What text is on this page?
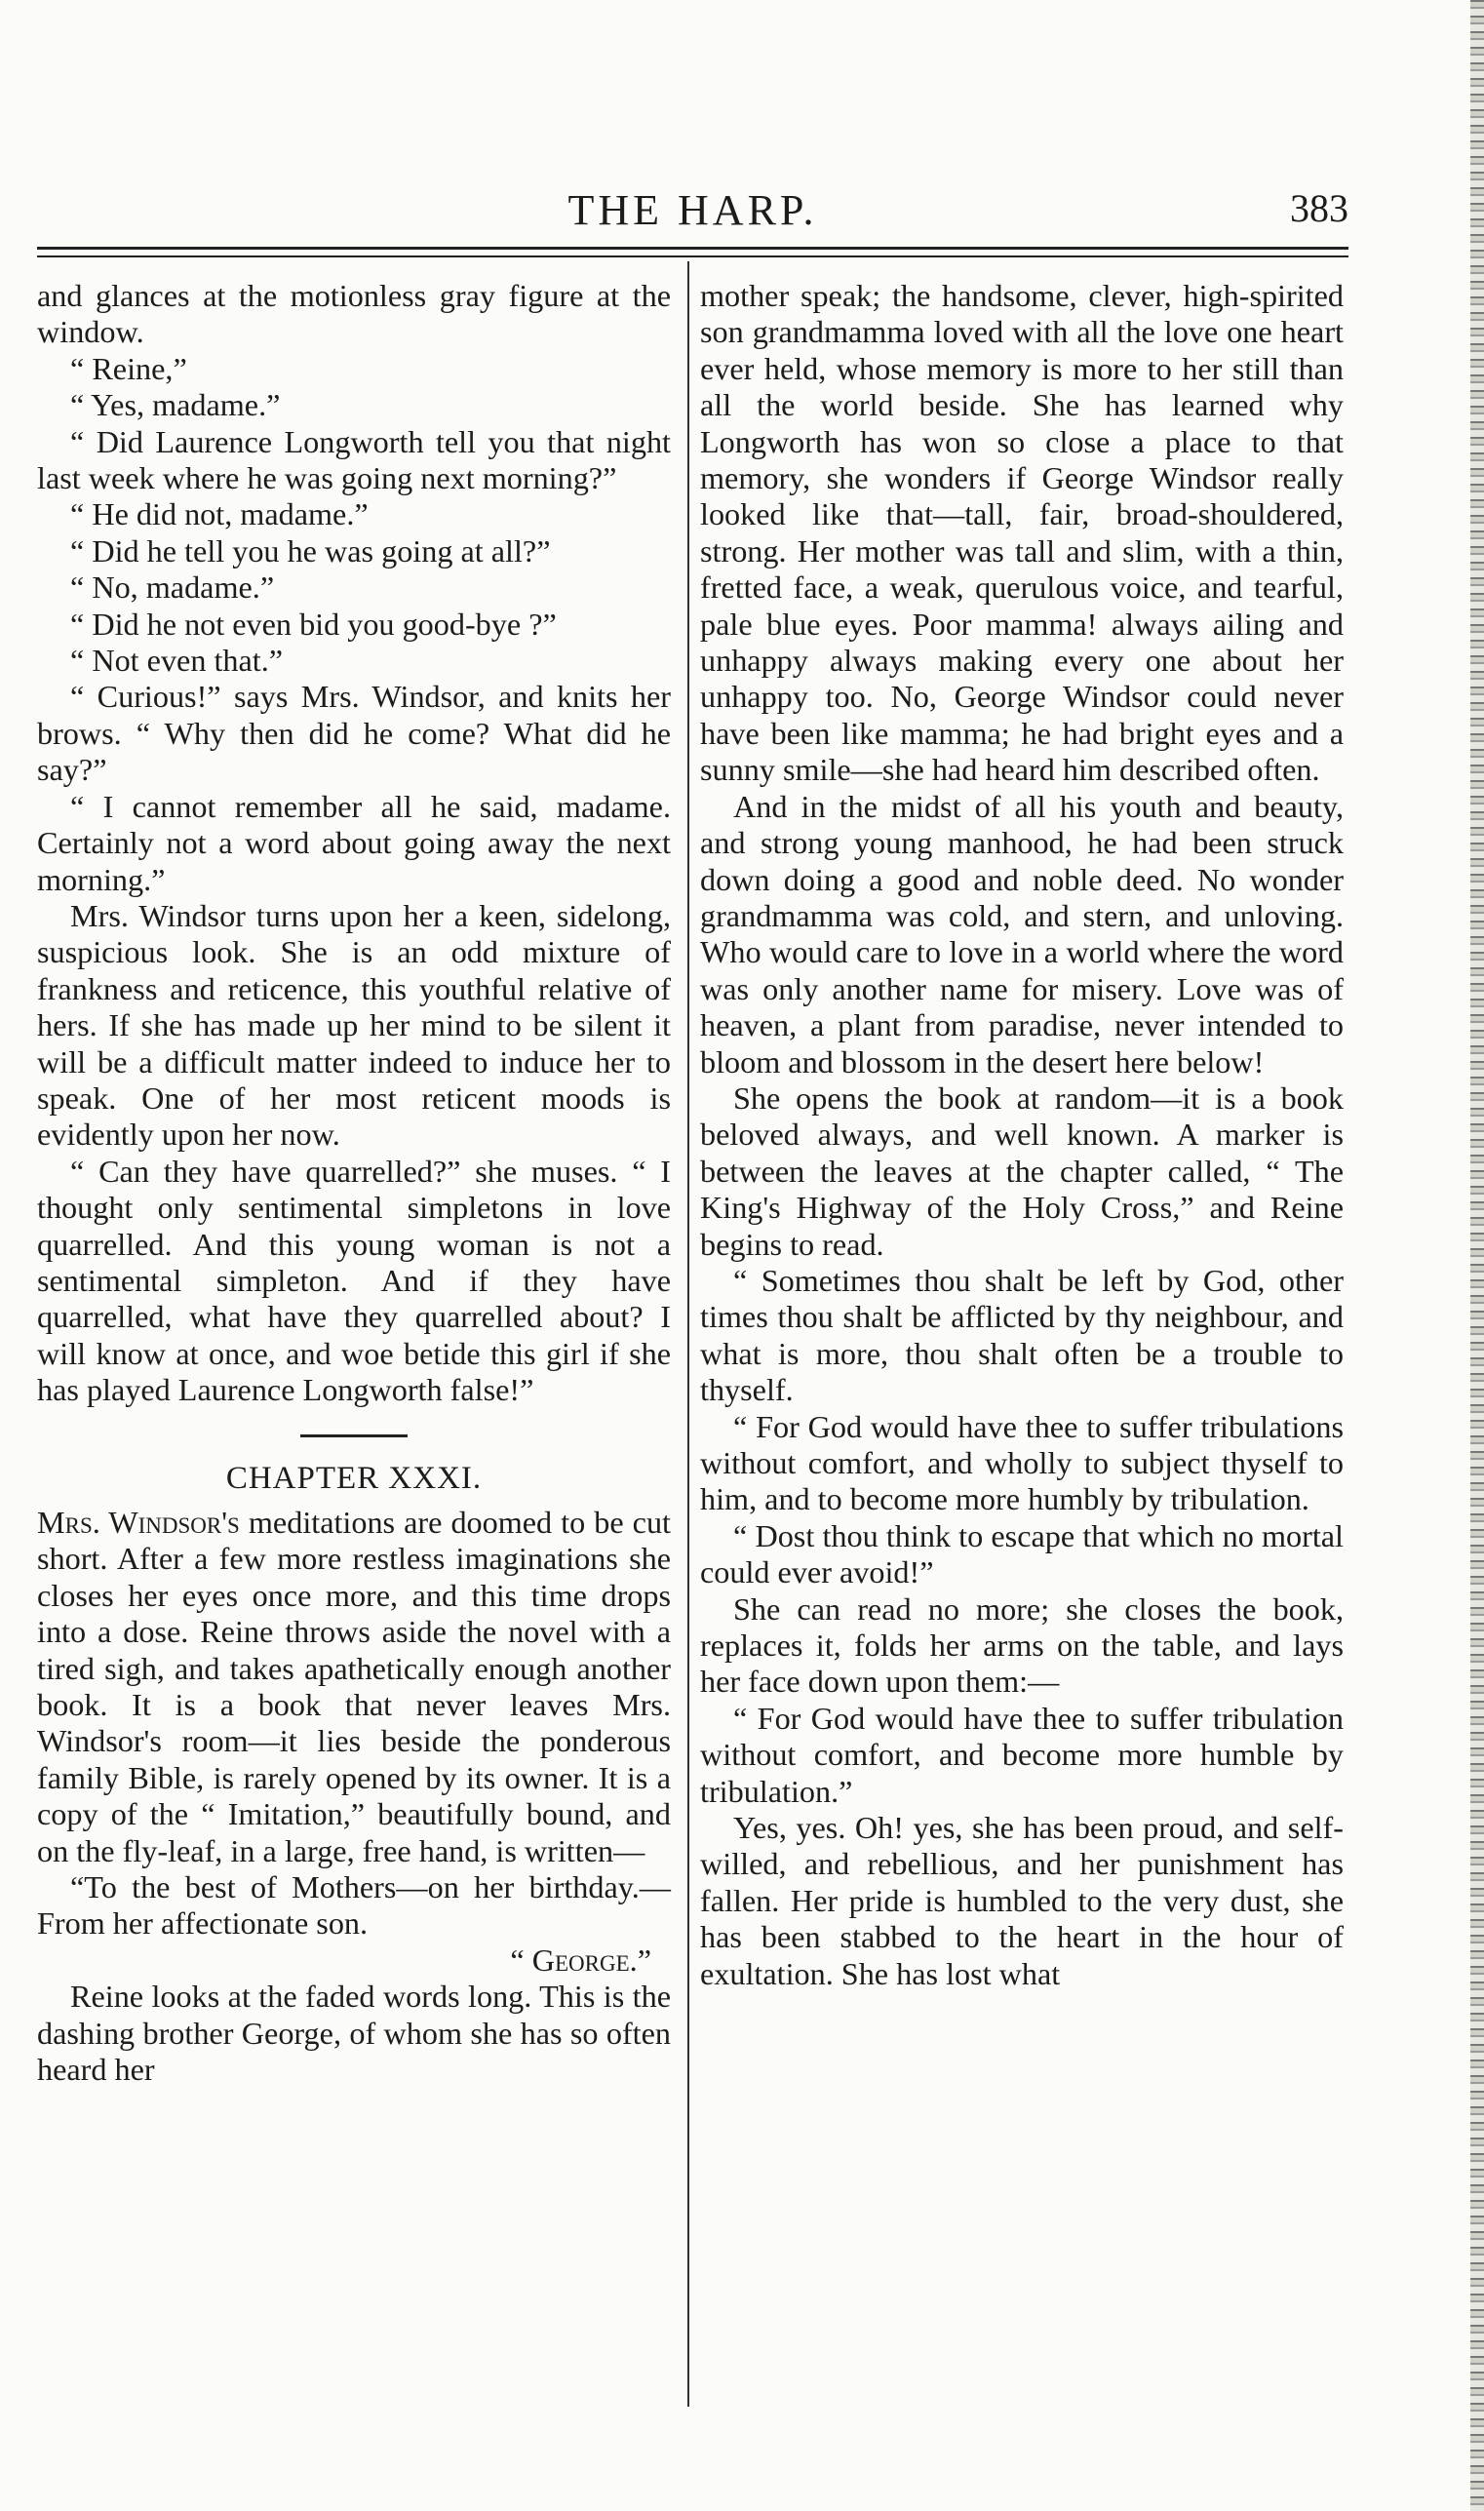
THE HARP.	383

and glances at the motionless gray figure at the window.

“ Reine,”

“ Yes, madame.”

“ Did Laurence Longworth tell you that night last week where he was going next morning?”

“ He did not, madame.”

“ Did he tell you he was going at all?”

“ No, madame.”

“ Did he not even bid you good-bye ?”

“ Not even that.”

“ Curious!” says Mrs. Windsor, and knits her brows. “ Why then did he come? What did he say?”

“ I cannot remember all he said, madame. Certainly not a word about going away the next morning.”

Mrs. Windsor turns upon her a keen, sidelong, suspicious look. She is an odd mixture of frankness and reticence, this youthful relative of hers. If she has made up her mind to be silent it will be a difficult matter indeed to induce her to speak. One of her most reticent moods is evidently upon her now.

“ Can they have quarrelled?” she muses. “ I thought only sentimental simpletons in love quarrelled. And this young woman is not a sentimental simpleton. And if they have quarrelled, what have they quarrelled about? I will know at once, and woe betide this girl if she has played Laurence Longworth false!”

CHAPTER XXXI.

Mrs. Windsor's meditations are doomed to be cut short. After a few more restless imaginations she closes her eyes once more, and this time drops into a dose. Reine throws aside the novel with a tired sigh, and takes apathetically enough another book. It is a book that never leaves Mrs. Windsor's room—it lies beside the ponderous family Bible, is rarely opened by its owner. It is a copy of the “ Imitation,” beautifully bound, and on the fly-leaf, in a large, free hand, is written—

“To the best of Mothers—on her birthday.—From her affectionate son.

“ George.”

Reine looks at the faded words long. This is the dashing brother George, of whom she has so often heard her

mother speak; the handsome, clever, high-spirited son grandmamma loved with all the love one heart ever held, whose memory is more to her still than all the world beside. She has learned why Longworth has won so close a place to that memory, she wonders if George Windsor really looked like that—tall, fair, broad-shouldered, strong. Her mother was tall and slim, with a thin, fretted face, a weak, querulous voice, and tearful, pale blue eyes. Poor mamma! always ailing and unhappy always making every one about her unhappy too. No, George Windsor could never have been like mamma; he had bright eyes and a sunny smile—she had heard him described often.

And in the midst of all his youth and beauty, and strong young manhood, he had been struck down doing a good and noble deed. No wonder grandmamma was cold, and stern, and unloving. Who would care to love in a world where the word was only another name for misery. Love was of heaven, a plant from paradise, never intended to bloom and blossom in the desert here below!

She opens the book at random—it is a book beloved always, and well known. A marker is between the leaves at the chapter called, “ The King's Highway of the Holy Cross,” and Reine begins to read.

“ Sometimes thou shalt be left by God, other times thou shalt be afflicted by thy neighbour, and what is more, thou shalt often be a trouble to thyself.

“ For God would have thee to suffer tribulations without comfort, and wholly to subject thyself to him, and to become more humbly by tribulation.

“ Dost thou think to escape that which no mortal could ever avoid!”

She can read no more; she closes the book, replaces it, folds her arms on the table, and lays her face down upon them:—

“ For God would have thee to suffer tribulation without comfort, and become more humble by tribulation.”

Yes, yes. Oh! yes, she has been proud, and self-willed, and rebellious, and her punishment has fallen. Her pride is humbled to the very dust, she has been stabbed to the heart in the hour of exultation. She has lost what
